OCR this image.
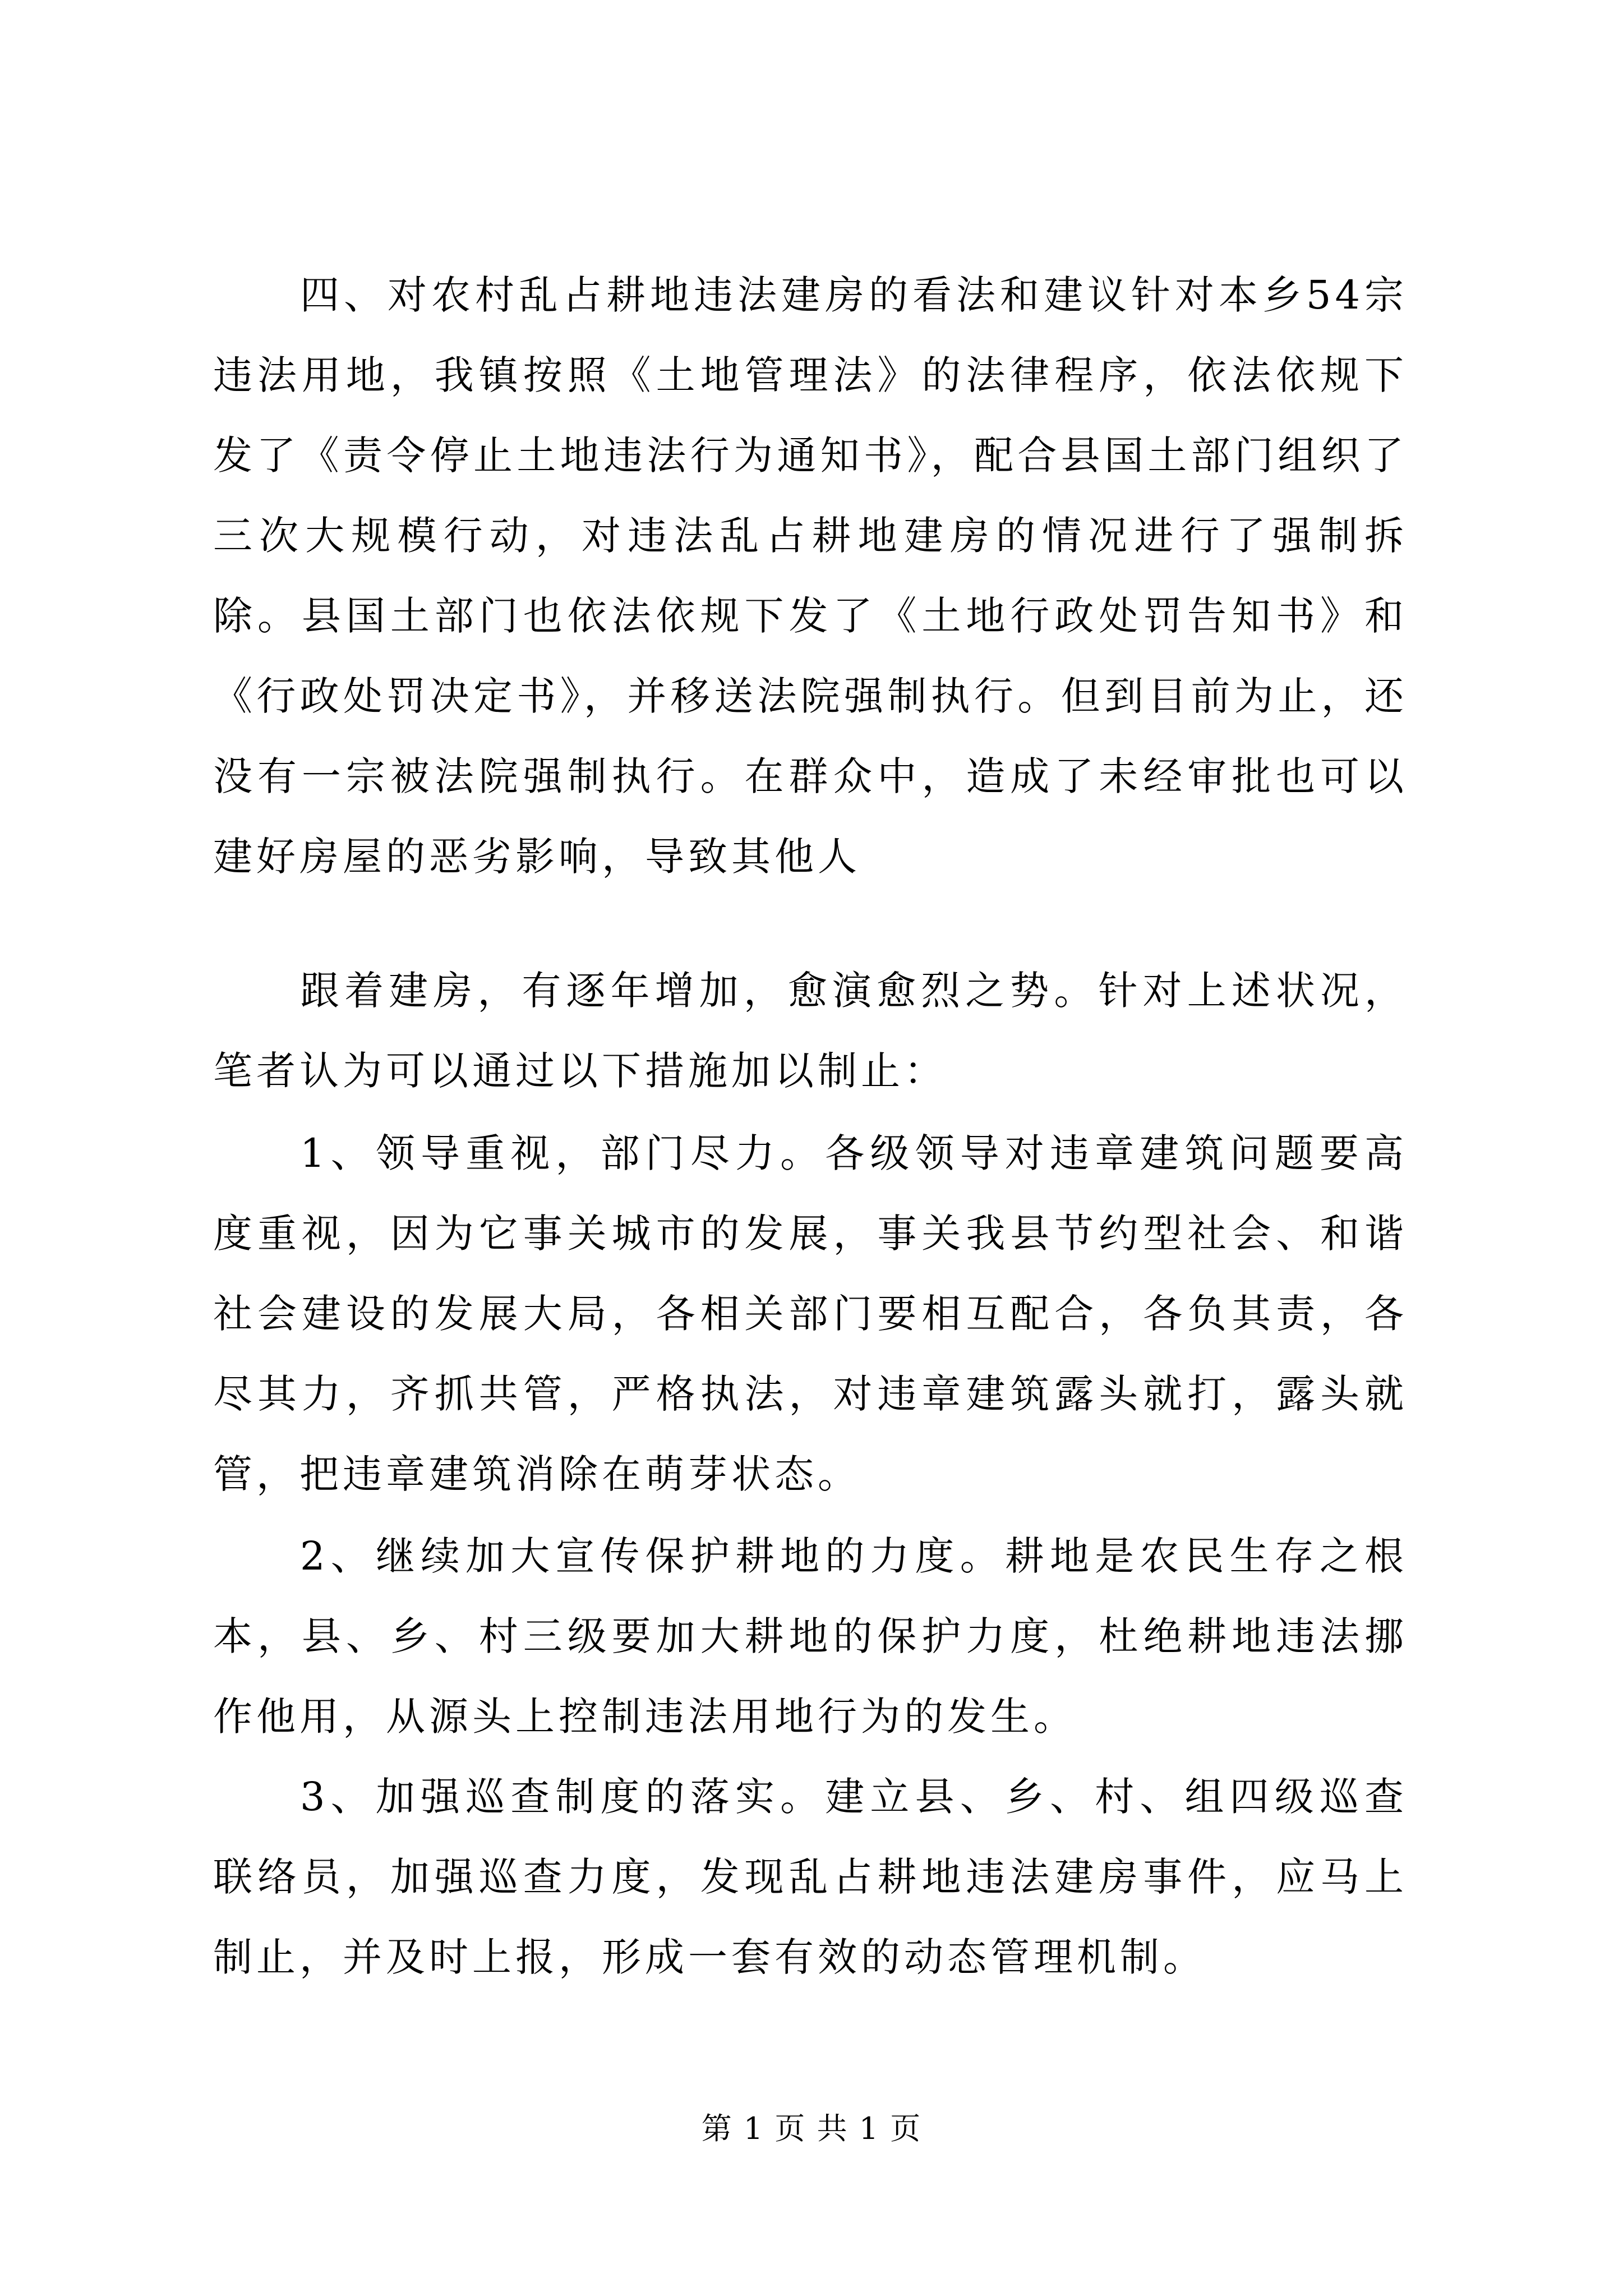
四、对农村乱占耕地违法建房的看法和建议针对本乡54宗违法用地，我镇按照《土地管理法》的法律程序，依法依规下发了《责令停止土地违法行为通知书》，配合县国土部门组织了三次大规模行动，对违法乱占耕地建房的情况进行了强制拆除。县国土部门也依法依规下发了《土地行政处罚告知书》和《行政处罚决定书》，并移送法院强制执行。但到目前为止，还没有一宗被法院强制执行。在群众中，造成了未经审批也可以建好房屋的恶劣影响，导致其他人

跟着建房，有逐年增加，愈演愈烈之势。针对上述状况，笔者认为可以通过以下措施加以制止：

1、领导重视，部门尽力。各级领导对违章建筑问题要高度重视，因为它事关城市的发展，事关我县节约型社会、和谐社会建设的发展大局，各相关部门要相互配合，各负其责，各尽其力，齐抓共管，严格执法，对违章建筑露头就打，露头就管，把违章建筑消除在萌芽状态。

2、继续加大宣传保护耕地的力度。耕地是农民生存之根本，县、乡、村三级要加大耕地的保护力度，杜绝耕地违法挪作他用，从源头上控制违法用地行为的发生。

3、加强巡查制度的落实。建立县、乡、村、组四级巡查联络员，加强巡查力度，发现乱占耕地违法建房事件，应马上制止，并及时上报，形成一套有效的动态管理机制。

第 1 页 共 1 页
